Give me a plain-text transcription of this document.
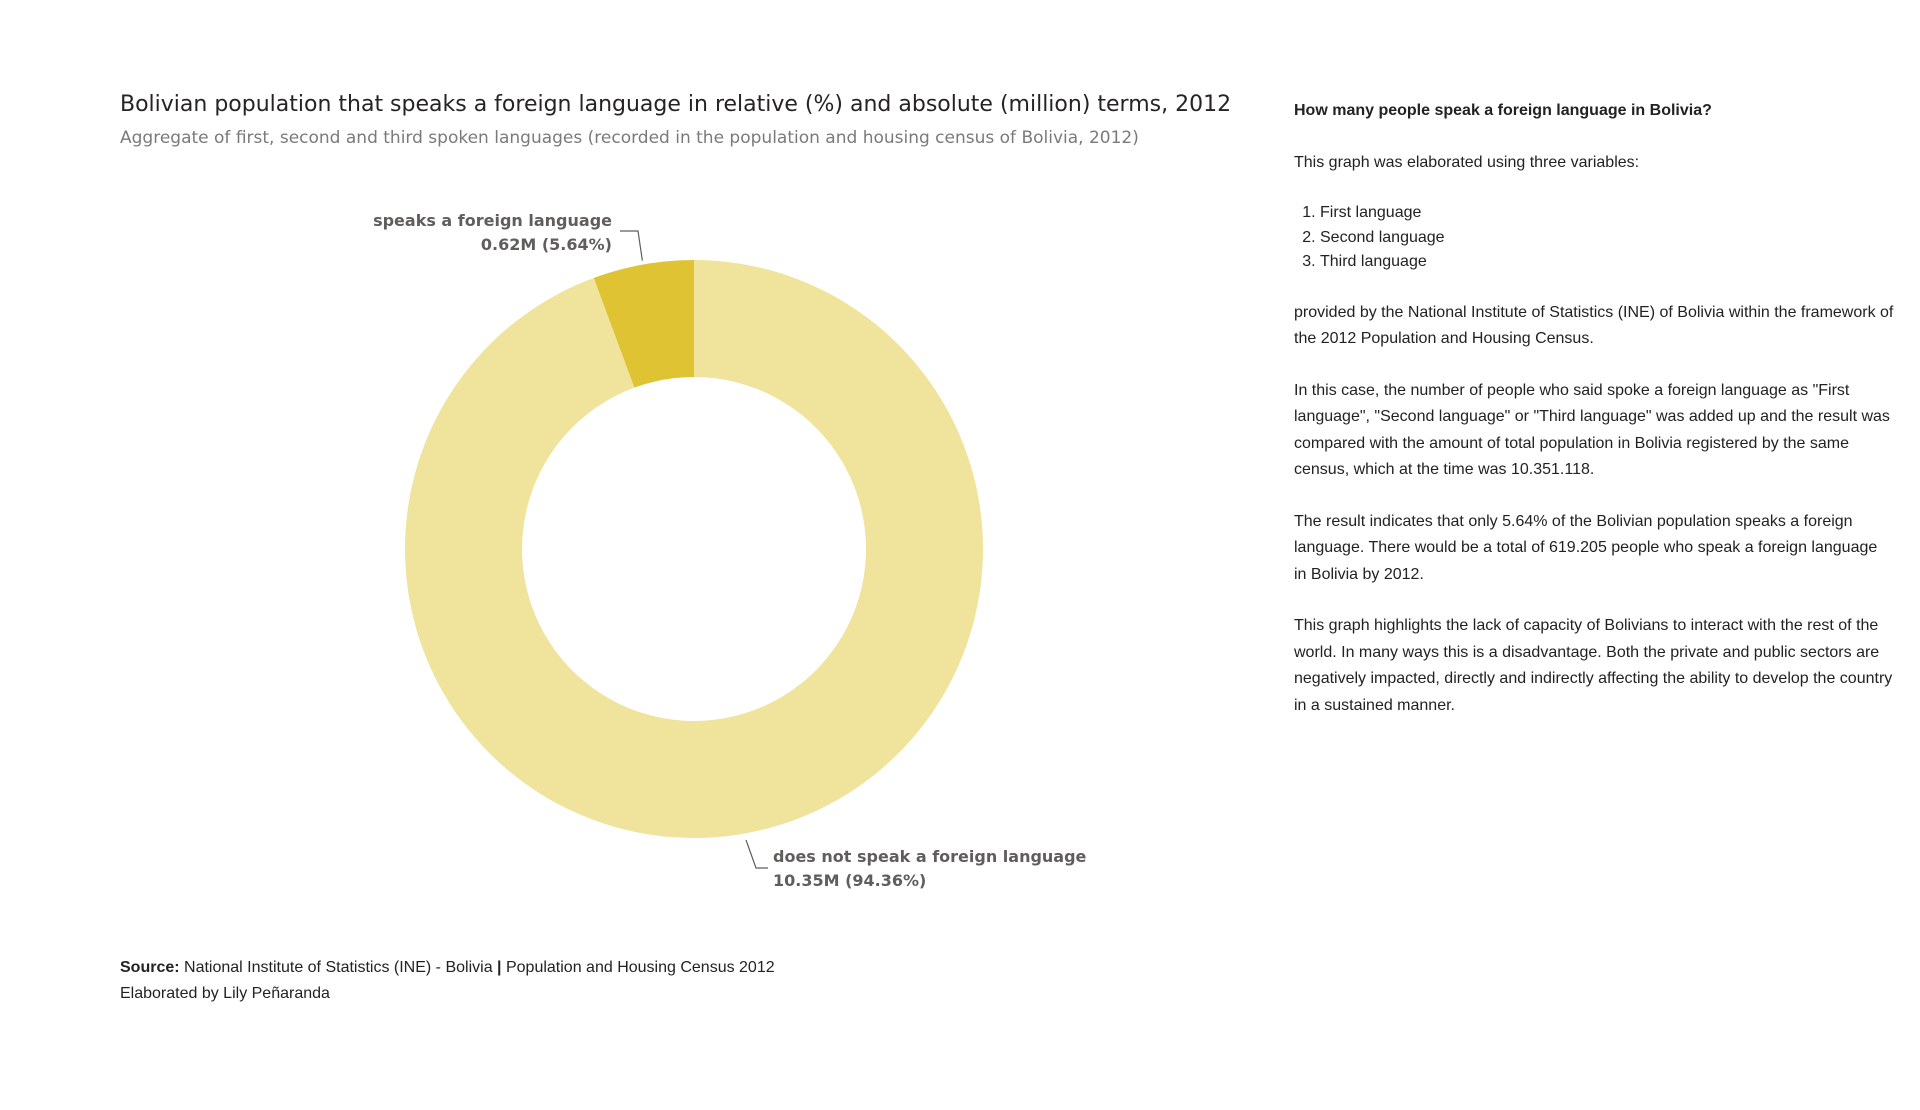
Bolivian population that speaks a foreign language in relative (%) and absolute (million) terms, 2012
Aggregate of first, second and third spoken languages (recorded in the population and housing census of Bolivia, 2012)
speaks a foreign language
0.62M (5.64%)
does not speak a foreign language
10.35M (94.36%)
Source: National Institute of Statistics (INE) - Bolivia | Population and Housing Census 2012
Elaborated by Lily Peñaranda
How many people speak a foreign language in Bolivia?

This graph was elaborated using three variables:

1. First language
2. Second language
3. Third language

provided by the National Institute of Statistics (INE) of Bolivia within the framework of the 2012 Population and Housing Census.

In this case, the number of people who said spoke a foreign language as "First language", "Second language" or "Third language" was added up and the result was compared with the amount of total population in Bolivia registered by the same census, which at the time was 10.351.118.

The result indicates that only 5.64% of the Bolivian population speaks a foreign language. There would be a total of 619.205 people who speak a foreign language in Bolivia by 2012.

This graph highlights the lack of capacity of Bolivians to interact with the rest of the world. In many ways this is a disadvantage. Both the private and public sectors are negatively impacted, directly and indirectly affecting the ability to develop the country in a sustained manner.
